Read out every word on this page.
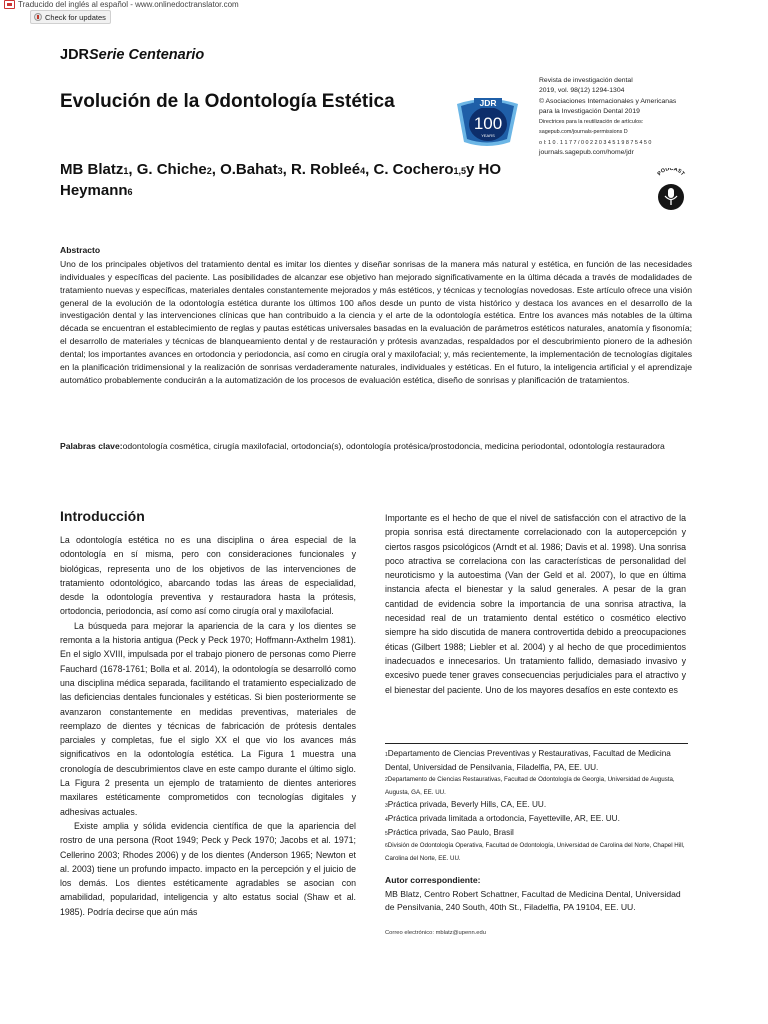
Traducido del inglés al español - www.onlinedoctranslator.com
Check for updates
JDRSerie Centenario
Evolución de la Odontología Estética	JDR
100
YEARS
Revista de investigación dental
2019, vol. 98(12) 1294-1304
© Asociaciones Internacionales y Americanas
para la Investigación Dental 2019
Directrices para la reutilización de artículos:
sagepub.com/journals-permissions D
ο I: 1 0 . 1 1 7 7 / 0 0 2 2 0 3 4 5 1 9 8 7 5 4 5 0
journals.sagepub.com/home/jdr
MB Blatz1, G. Chiche2, O.Bahat3, R. Robleé4, C. Cochero1,5y HO Heymann6
PODCAST
Abstracto
Uno de los principales objetivos del tratamiento dental es imitar los dientes y diseñar sonrisas de la manera más natural y estética, en función de las necesidades individuales y específicas del paciente. Las posibilidades de alcanzar ese objetivo han mejorado significativamente en la última década a través de modalidades de tratamiento nuevas y específicas, materiales dentales constantemente mejorados y más estéticos, y técnicas y tecnologías novedosas. Este artículo ofrece una visión general de la evolución de la odontología estética durante los últimos 100 años desde un punto de vista histórico y destaca los avances en el desarrollo de la investigación dental y las intervenciones clínicas que han contribuido a la ciencia y el arte de la odontología estética. Entre los avances más notables de la última década se encuentran el establecimiento de reglas y pautas estéticas universales basadas en la evaluación de parámetros estéticos naturales, anatomía y fisonomía; el desarrollo de materiales y técnicas de blanqueamiento dental y de restauración y prótesis avanzadas, respaldados por el descubrimiento pionero de la adhesión dental; los importantes avances en ortodoncia y periodoncia, así como en cirugía oral y maxilofacial; y, más recientemente, la implementación de tecnologías digitales en la planificación tridimensional y la realización de sonrisas verdaderamente naturales, individuales y estéticas. En el futuro, la inteligencia artificial y el aprendizaje automático probablemente conducirán a la automatización de los procesos de evaluación estética, diseño de sonrisas y planificación de tratamientos.
Palabras clave:odontología cosmética, cirugía maxilofacial, ortodoncia(s), odontología protésica/prostodoncia, medicina periodontal, odontología restauradora
Introducción

La odontología estética no es una disciplina o área especial de la odontología en sí misma, pero con consideraciones funcionales y biológicas, representa uno de los objetivos de las intervenciones de tratamiento odontológico, abarcando todas las áreas de especialidad, desde la odontología preventiva y restauradora hasta la prótesis, ortodoncia, periodoncia, así como así como cirugía oral y maxilofacial.

La búsqueda para mejorar la apariencia de la cara y los dientes se remonta a la historia antigua (Peck y Peck 1970; Hoffmann-Axthelm 1981). En el siglo XVIII, impulsada por el trabajo pionero de personas como Pierre Fauchard (1678-1761; Bolla et al. 2014), la odontología se desarrolló como una disciplina médica separada, facilitando el tratamiento especializado de las deficiencias dentales funcionales y estéticas. Si bien posteriormente se avanzaron constantemente en medidas preventivas, materiales de reemplazo de dientes y técnicas de fabricación de prótesis dentales parciales y completas, fue el siglo XX el que vio los avances más significativos en la odontología estética. La Figura 1 muestra una cronología de descubrimientos clave en este campo durante el último siglo. La Figura 2 presenta un ejemplo de tratamiento de dientes anteriores maxilares estéticamente comprometidos con tecnologías digitales y adhesivas actuales.

Existe amplia y sólida evidencia científica de que la apariencia del rostro de una persona (Root 1949; Peck y Peck 1970; Jacobs et al. 1971; Cellerino 2003; Rhodes 2006) y de los dientes (Anderson 1965; Newton et al. 2003) tiene un profundo impacto. impacto en la percepción y el juicio de los demás. Los dientes estéticamente agradables se asocian con amabilidad, popularidad, inteligencia y alto estatus social (Shaw et al. 1985). Podría decirse que aún más

Importante es el hecho de que el nivel de satisfacción con el atractivo de la propia sonrisa está directamente correlacionado con la autopercepción y ciertos rasgos psicológicos (Arndt et al. 1986; Davis et al. 1998). Una sonrisa poco atractiva se correlaciona con las características de personalidad del neuroticismo y la autoestima (Van der Geld et al. 2007), lo que en última instancia afecta el bienestar y la salud generales. A pesar de la gran cantidad de evidencia sobre la importancia de una sonrisa atractiva, la necesidad real de un tratamiento dental estético o cosmético electivo siempre ha sido discutida de manera controvertida debido a preocupaciones éticas (Gilbert 1988; Liebler et al. 2004) y al hecho de que procedimientos inadecuados e innecesarios. Un tratamiento fallido, demasiado invasivo y excesivo puede tener graves consecuencias perjudiciales para el atractivo y el bienestar del paciente. Uno de los mayores desafíos en este contexto es

1Departamento de Ciencias Preventivas y Restaurativas, Facultad de Medicina Dental, Universidad de Pensilvania, Filadelfia, PA, EE. UU.
2Departamento de Ciencias Restaurativas, Facultad de Odontología de Georgia, Universidad de Augusta, Augusta, GA, EE. UU.
3Práctica privada, Beverly Hills, CA, EE. UU.
4Práctica privada limitada a ortodoncia, Fayetteville, AR, EE. UU.
5Práctica privada, Sao Paulo, Brasil
6División de Odontología Operativa, Facultad de Odontología, Universidad de Carolina del Norte, Chapel Hill, Carolina del Norte, EE. UU.
Autor correspondiente:
MB Blatz, Centro Robert Schattner, Facultad de Medicina Dental, Universidad de Pensilvania, 240 South, 40th St., Filadelfia, PA 19104, EE. UU.
Correo electrónico: mblatz@upenn.edu
